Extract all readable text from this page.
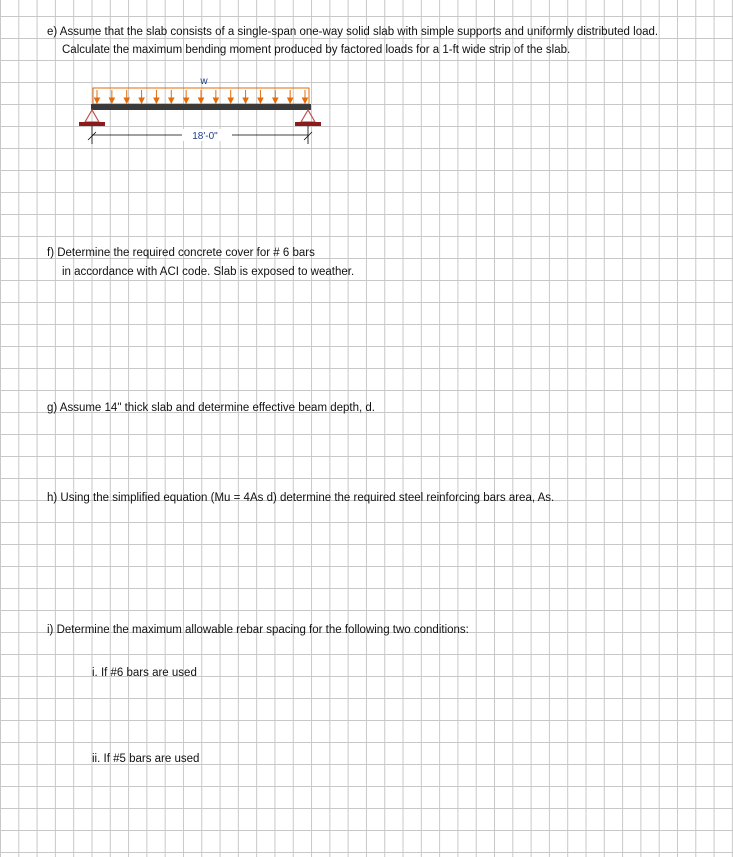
e) Assume that the slab consists of a single-span one-way solid slab with simple supports and uniformly distributed load.
Calculate the maximum bending moment produced by factored loads for a 1-ft wide strip of the slab.
w
18'-0"
f) Determine the required concrete cover for # 6 bars
in accordance with ACI code. Slab is exposed to weather.
g) Assume 14" thick slab and determine effective beam depth, d.
h) Using the simplified equation (Mu = 4As d) determine the required steel reinforcing bars area, As.
i) Determine the maximum allowable rebar spacing for the following two conditions:
i. If #6 bars are used
ii. If #5 bars are used
